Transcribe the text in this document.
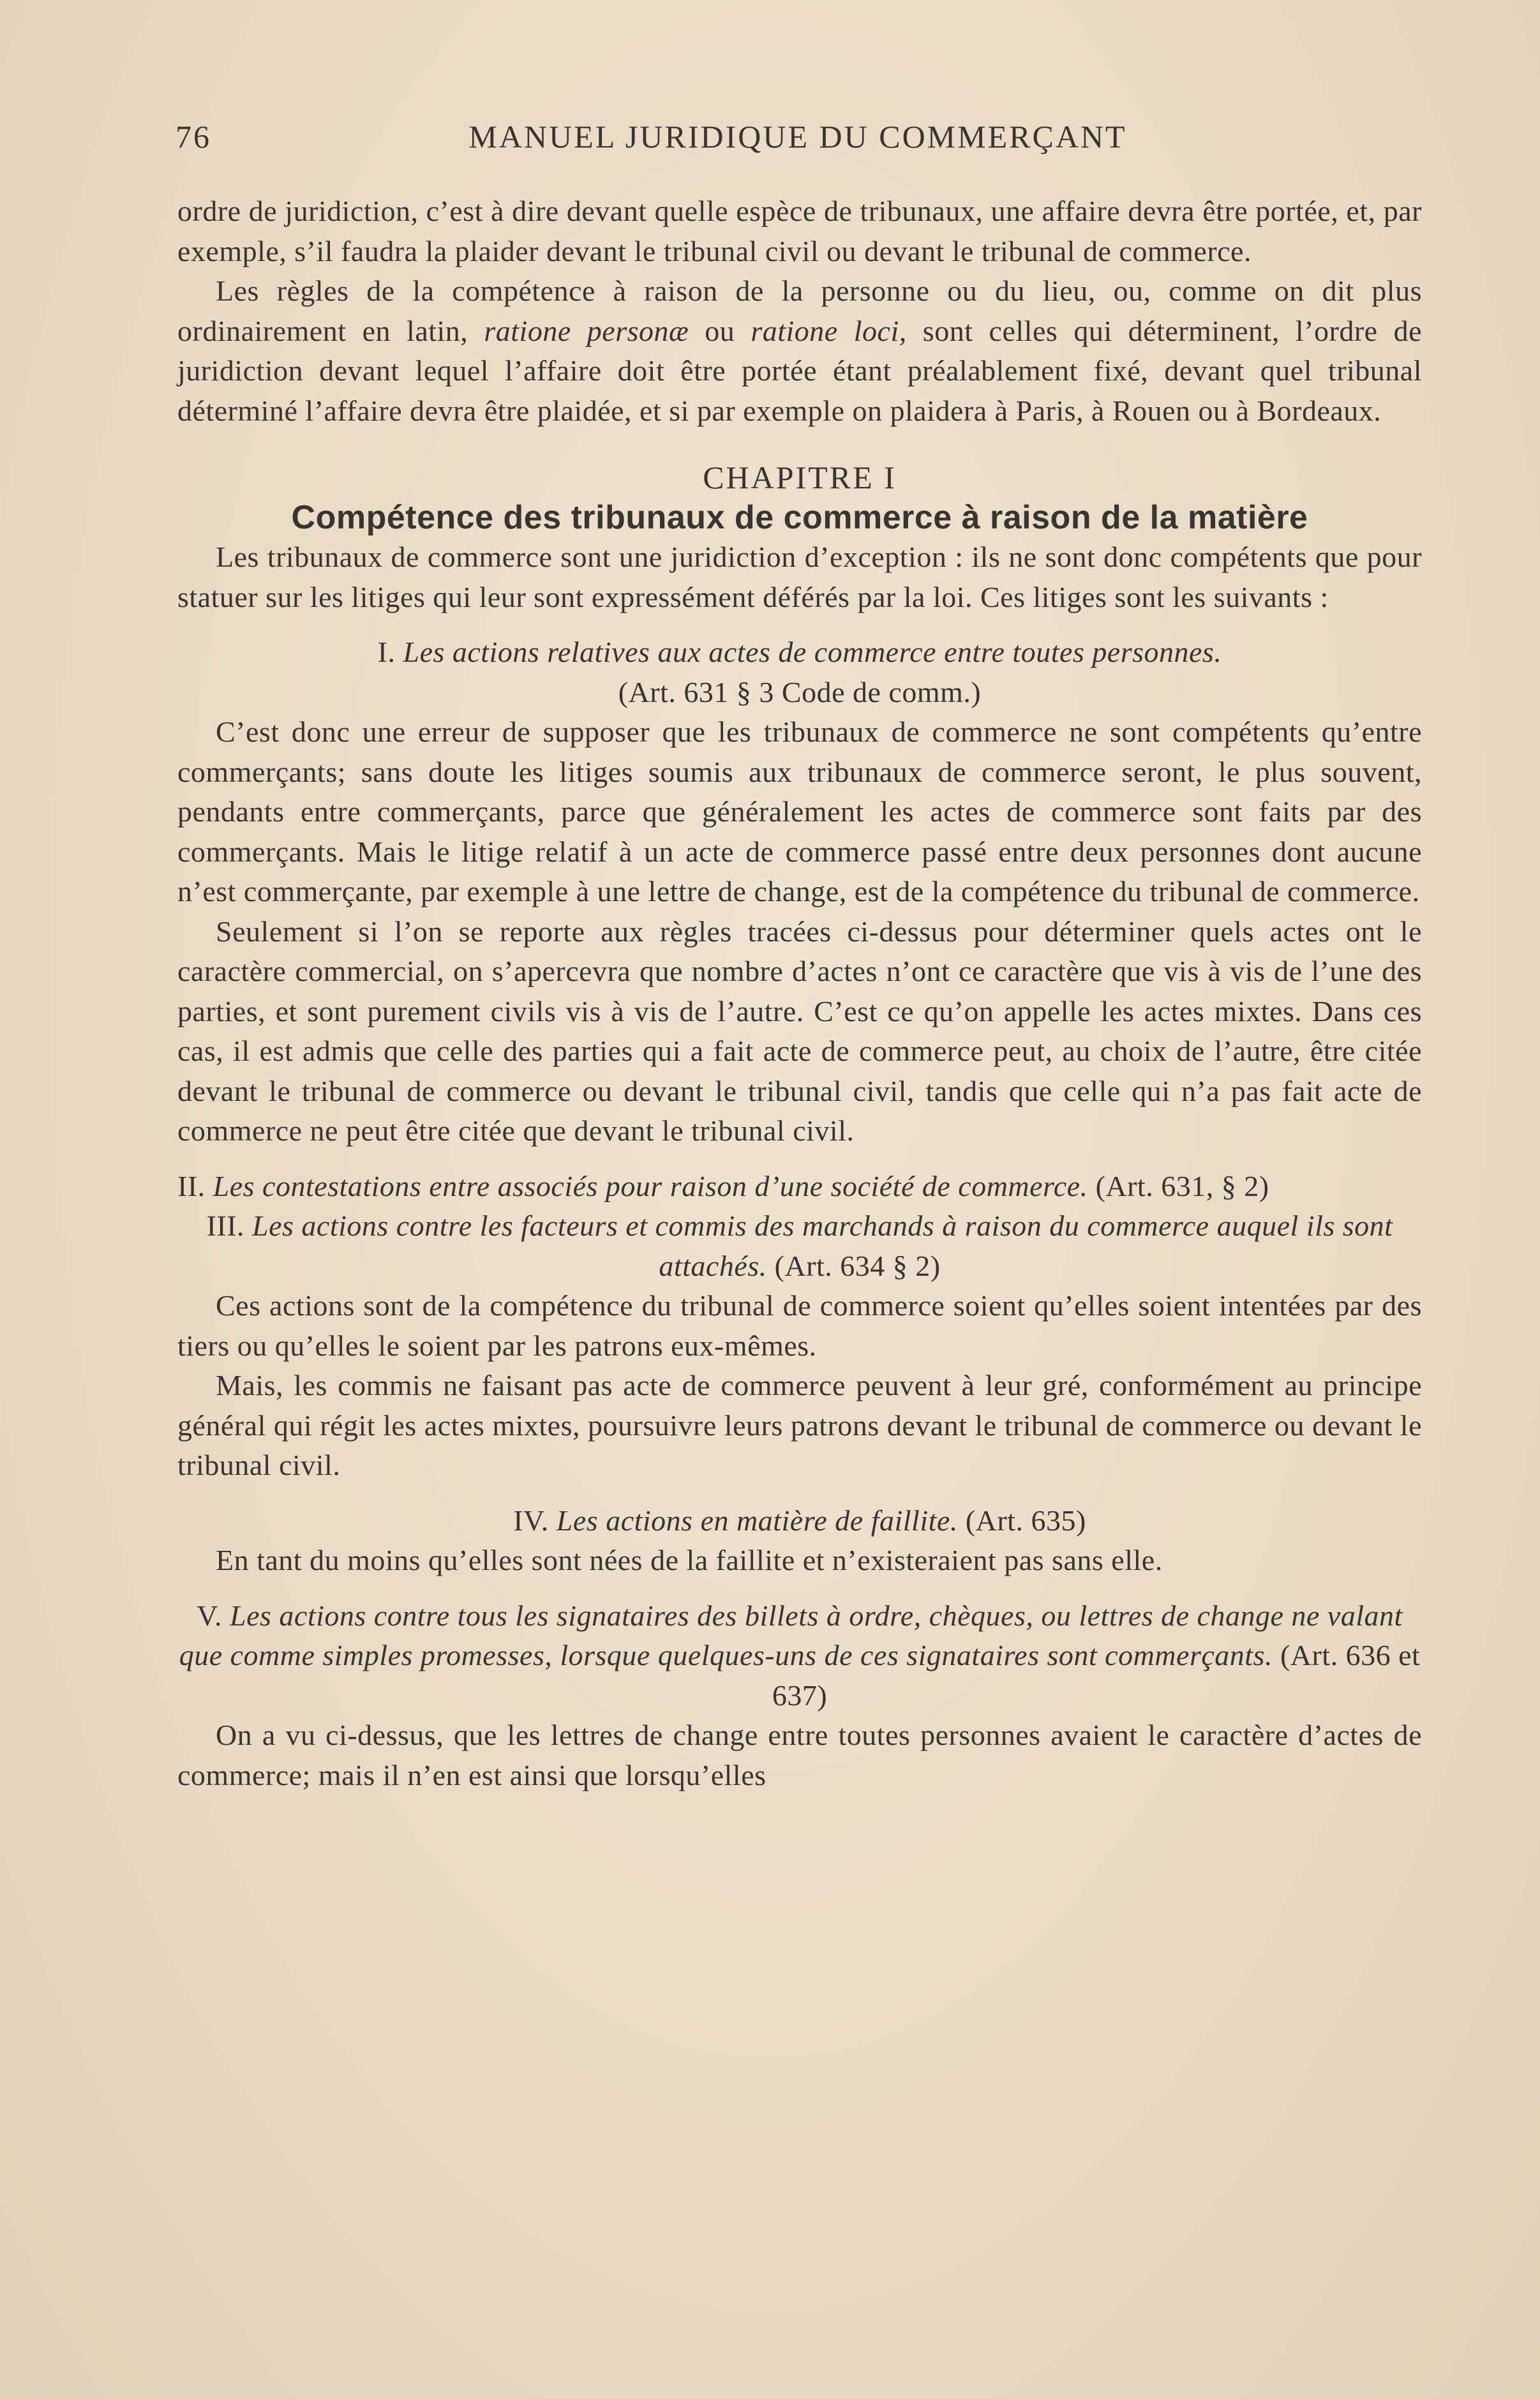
76	MANUEL JURIDIQUE DU COMMERÇANT

ordre de juridiction, c’est à dire devant quelle espèce de tribunaux, une affaire devra être portée, et, par exemple, s’il faudra la plaider devant le tribunal civil ou devant le tribunal de commerce.

Les règles de la compétence à raison de la personne ou du lieu, ou, comme on dit plus ordinairement en latin, ratione personæ ou ratione loci, sont celles qui déterminent, l’ordre de juridiction devant lequel l’affaire doit être portée étant préalablement fixé, devant quel tribunal déterminé l’affaire devra être plaidée, et si par exemple on plaidera à Paris, à Rouen ou à Bordeaux.

CHAPITRE I

Compétence des tribunaux de commerce à raison de la matière

Les tribunaux de commerce sont une juridiction d’exception : ils ne sont donc compétents que pour statuer sur les litiges qui leur sont expressément déférés par la loi. Ces litiges sont les suivants :

I. Les actions relatives aux actes de commerce entre toutes personnes.

(Art. 631 § 3 Code de comm.)

C’est donc une erreur de supposer que les tribunaux de commerce ne sont compétents qu’entre commerçants; sans doute les litiges soumis aux tribunaux de commerce seront, le plus souvent, pendants entre commerçants, parce que généralement les actes de commerce sont faits par des commerçants. Mais le litige relatif à un acte de commerce passé entre deux personnes dont aucune n’est commerçante, par exemple à une lettre de change, est de la compétence du tribunal de commerce.

Seulement si l’on se reporte aux règles tracées ci-dessus pour déterminer quels actes ont le caractère commercial, on s’apercevra que nombre d’actes n’ont ce caractère que vis à vis de l’une des parties, et sont purement civils vis à vis de l’autre. C’est ce qu’on appelle les actes mixtes. Dans ces cas, il est admis que celle des parties qui a fait acte de commerce peut, au choix de l’autre, être citée devant le tribunal de commerce ou devant le tribunal civil, tandis que celle qui n’a pas fait acte de commerce ne peut être citée que devant le tribunal civil.

II. Les contestations entre associés pour raison d’une société de commerce. (Art. 631, § 2)

III. Les actions contre les facteurs et commis des marchands à raison du commerce auquel ils sont attachés. (Art. 634 § 2)

Ces actions sont de la compétence du tribunal de commerce soient qu’elles soient intentées par des tiers ou qu’elles le soient par les patrons eux-mêmes.

Mais, les commis ne faisant pas acte de commerce peuvent à leur gré, conformément au principe général qui régit les actes mixtes, poursuivre leurs patrons devant le tribunal de commerce ou devant le tribunal civil.

IV. Les actions en matière de faillite. (Art. 635)

En tant du moins qu’elles sont nées de la faillite et n’existeraient pas sans elle.

V. Les actions contre tous les signataires des billets à ordre, chèques, ou lettres de change ne valant que comme simples promesses, lorsque quelques-uns de ces signataires sont commerçants. (Art. 636 et 637)

On a vu ci-dessus, que les lettres de change entre toutes personnes avaient le caractère d’actes de commerce; mais il n’en est ainsi que lorsqu’elles
